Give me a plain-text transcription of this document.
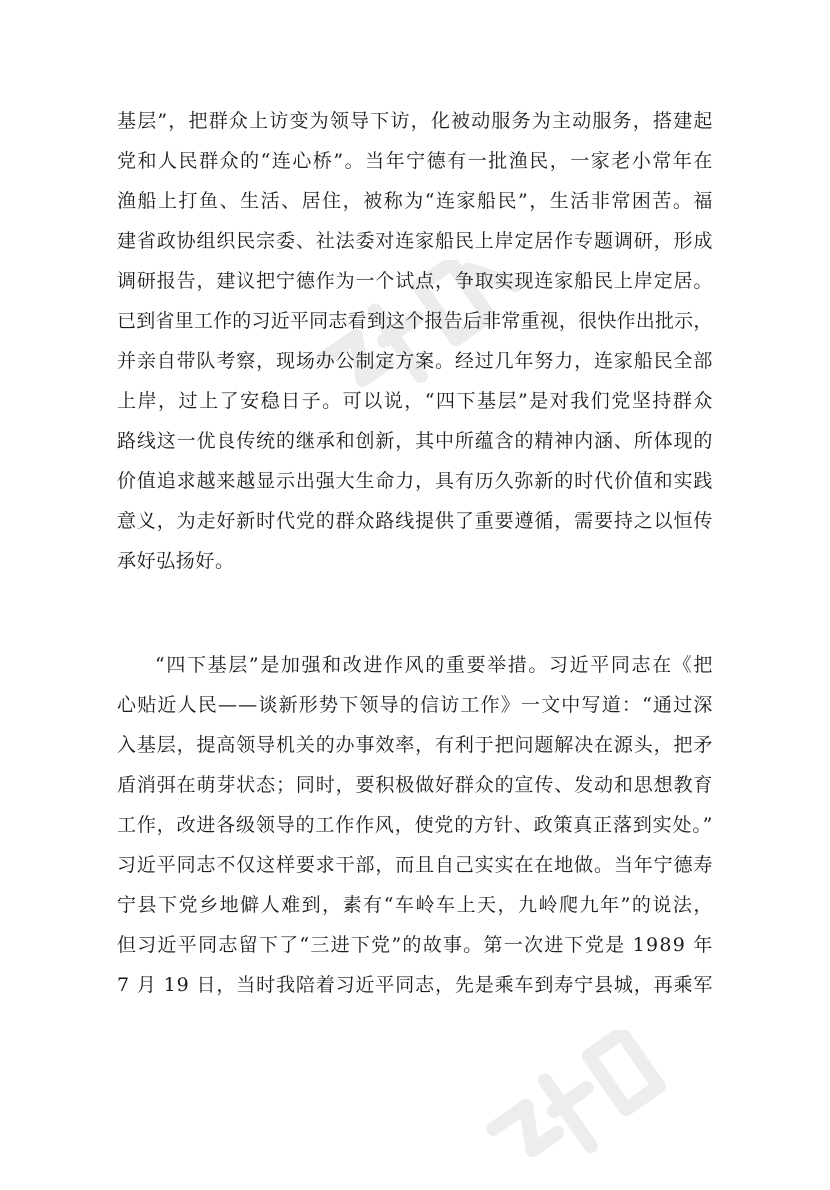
基层”，把群众上访变为领导下访，化被动服务为主动服务，搭建起
党和人民群众的“连心桥”。当年宁德有一批渔民，一家老小常年在
渔船上打鱼、生活、居住，被称为“连家船民”，生活非常困苦。福
建省政协组织民宗委、社法委对连家船民上岸定居作专题调研，形成
调研报告，建议把宁德作为一个试点，争取实现连家船民上岸定居。
已到省里工作的习近平同志看到这个报告后非常重视，很快作出批示，
并亲自带队考察，现场办公制定方案。经过几年努力，连家船民全部
上岸，过上了安稳日子。可以说，“四下基层”是对我们党坚持群众
路线这一优良传统的继承和创新，其中所蕴含的精神内涵、所体现的
价值追求越来越显示出强大生命力，具有历久弥新的时代价值和实践
意义，为走好新时代党的群众路线提供了重要遵循，需要持之以恒传
承好弘扬好。
“四下基层”是加强和改进作风的重要举措。习近平同志在《把
心贴近人民——谈新形势下领导的信访工作》一文中写道：“通过深
入基层，提高领导机关的办事效率，有利于把问题解决在源头，把矛
盾消弭在萌芽状态；同时，要积极做好群众的宣传、发动和思想教育
工作，改进各级领导的工作作风，使党的方针、政策真正落到实处。”
习近平同志不仅这样要求干部，而且自己实实在在地做。当年宁德寿
宁县下党乡地僻人难到，素有“车岭车上天，九岭爬九年”的说法，
但习近平同志留下了“三进下党”的故事。第一次进下党是 1989 年
7 月 19 日，当时我陪着习近平同志，先是乘车到寿宁县城，再乘军
